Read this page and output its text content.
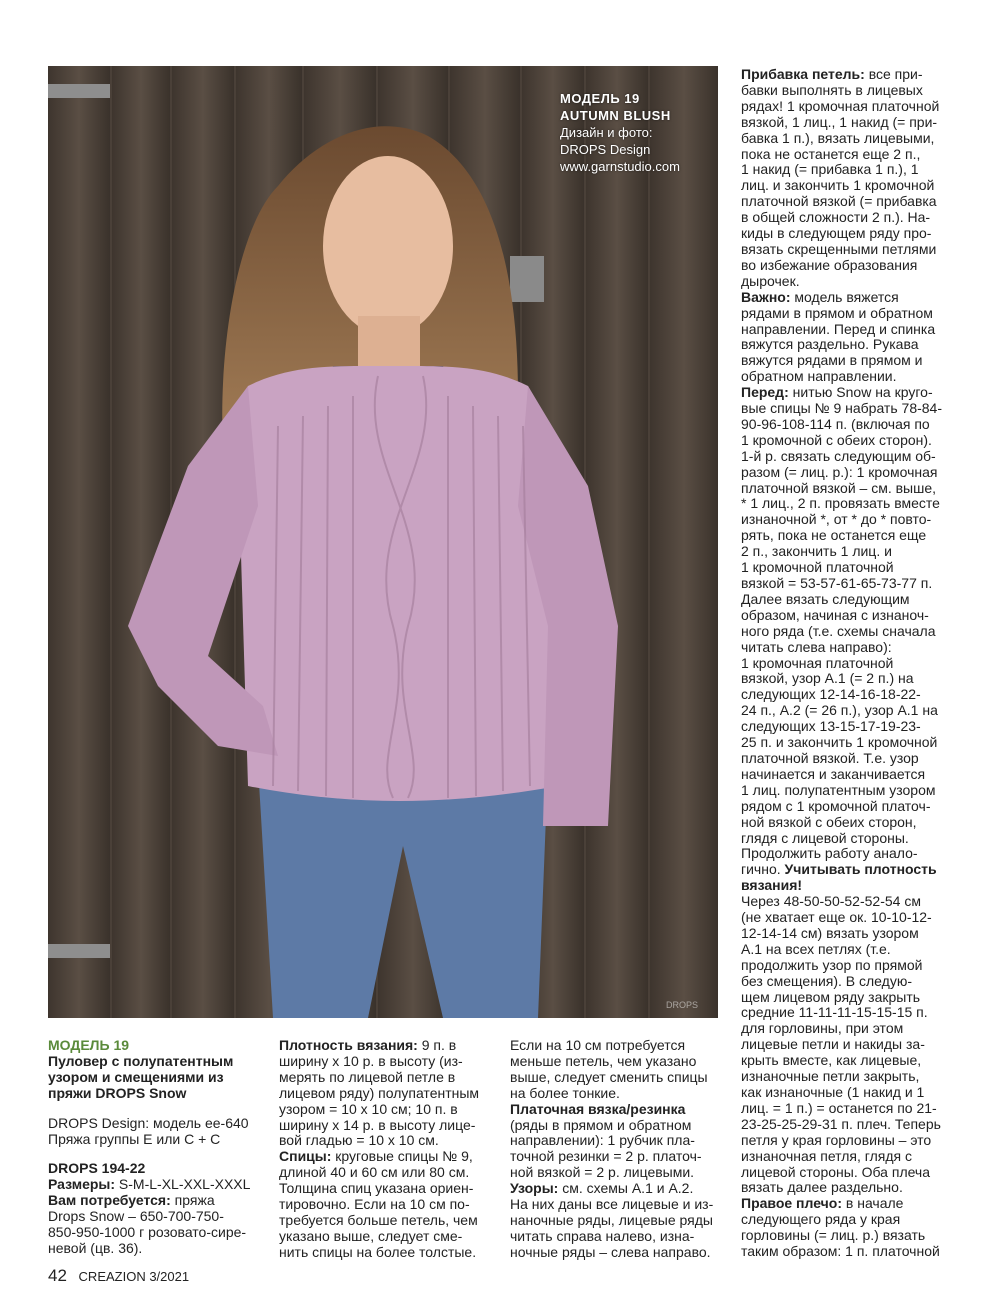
МОДЕЛЬ 19
AUTUMN BLUSH
Дизайн и фото:
DROPS Design
www.garnstudio.com
DROPS

МОДЕЛЬ 19

Пуловер с полупатентным

узором и смещениями из

пряжи DROPS Snow

DROPS Design: модель ee-640

Пряжа группы E или C + C

DROPS 194-22

Размеры: S-M-L-XL-XXL-XXXL

Вам потребуется: пряжа

Drops Snow – 650-700-750-

850-950-1000 г розовато-сире-

невой (цв. 36).

Плотность вязания: 9 п. в

ширину х 10 р. в высоту (из-

мерять по лицевой петле в

лицевом ряду) полупатентным

узором = 10 х 10 см; 10 п. в

ширину х 14 р. в высоту лице-

вой гладью = 10 х 10 см.

Спицы: круговые спицы № 9,

длиной 40 и 60 см или 80 см.

Толщина спиц указана ориен-

тировочно. Если на 10 см по-

требуется больше петель, чем

указано выше, следует сме-

нить спицы на более толстые.

Если на 10 см потребуется

меньше петель, чем указано

выше, следует сменить спицы

на более тонкие.

Платочная вязка/резинка

(ряды в прямом и обратном

направлении): 1 рубчик пла-

точной резинки = 2 р. платоч-

ной вязкой = 2 р. лицевыми.

Узоры: см. схемы А.1 и А.2.

На них даны все лицевые и из-

наночные ряды, лицевые ряды

читать справа налево, изна-

ночные ряды – слева направо.

Прибавка петель: все при-

бавки выполнять в лицевых

рядах! 1 кромочная платочной

вязкой, 1 лиц., 1 накид (= при-

бавка 1 п.), вязать лицевыми,

пока не останется еще 2 п.,

1 накид (= прибавка 1 п.), 1

лиц. и закончить 1 кромочной

платочной вязкой (= прибавка

в общей сложности 2 п.). На-

киды в следующем ряду про-

вязать скрещенными петлями

во избежание образования

дырочек.

Важно: модель вяжется

рядами в прямом и обратном

направлении. Перед и спинка

вяжутся раздельно. Рукава

вяжутся рядами в прямом и

обратном направлении.

Перед: нитью Snow на круго-

вые спицы № 9 набрать 78-84-

90-96-108-114 п. (включая по

1 кромочной с обеих сторон).

1-й р. связать следующим об-

разом (= лиц. р.): 1 кромочная

платочной вязкой – см. выше,

* 1 лиц., 2 п. провязать вместе

изнаночной *, от * до * повто-

рять, пока не останется еще

2 п., закончить 1 лиц. и

1 кромочной платочной

вязкой = 53-57-61-65-73-77 п.

Далее вязать следующим

образом, начиная с изнаноч-

ного ряда (т.е. схемы сначала

читать слева направо):

1 кромочная платочной

вязкой, узор А.1 (= 2 п.) на

следующих 12-14-16-18-22-

24 п., А.2 (= 26 п.), узор А.1 на

следующих 13-15-17-19-23-

25 п. и закончить 1 кромочной

платочной вязкой. Т.е. узор

начинается и заканчивается

1 лиц. полупатентным узором

рядом с 1 кромочной платоч-

ной вязкой с обеих сторон,

глядя с лицевой стороны.

Продолжить работу анало-

гично. Учитывать плотность

вязания!

Через 48-50-50-52-52-54 см

(не хватает еще ок. 10-10-12-

12-14-14 см) вязать узором

А.1 на всех петлях (т.е.

продолжить узор по прямой

без смещения). В следую-

щем лицевом ряду закрыть

средние 11-11-11-15-15-15 п.

для горловины, при этом

лицевые петли и накиды за-

крыть вместе, как лицевые,

изнаночные петли закрыть,

как изнаночные (1 накид и 1

лиц. = 1 п.) = останется по 21-

23-25-25-29-31 п. плеч. Теперь

петля у края горловины – это

изнаночная петля, глядя с

лицевой стороны. Оба плеча

вязать далее раздельно.

Правое плечо: в начале

следующего ряда у края

горловины (= лиц. р.) вязать

таким образом: 1 п. платочной

42 CREAZION 3/2021
